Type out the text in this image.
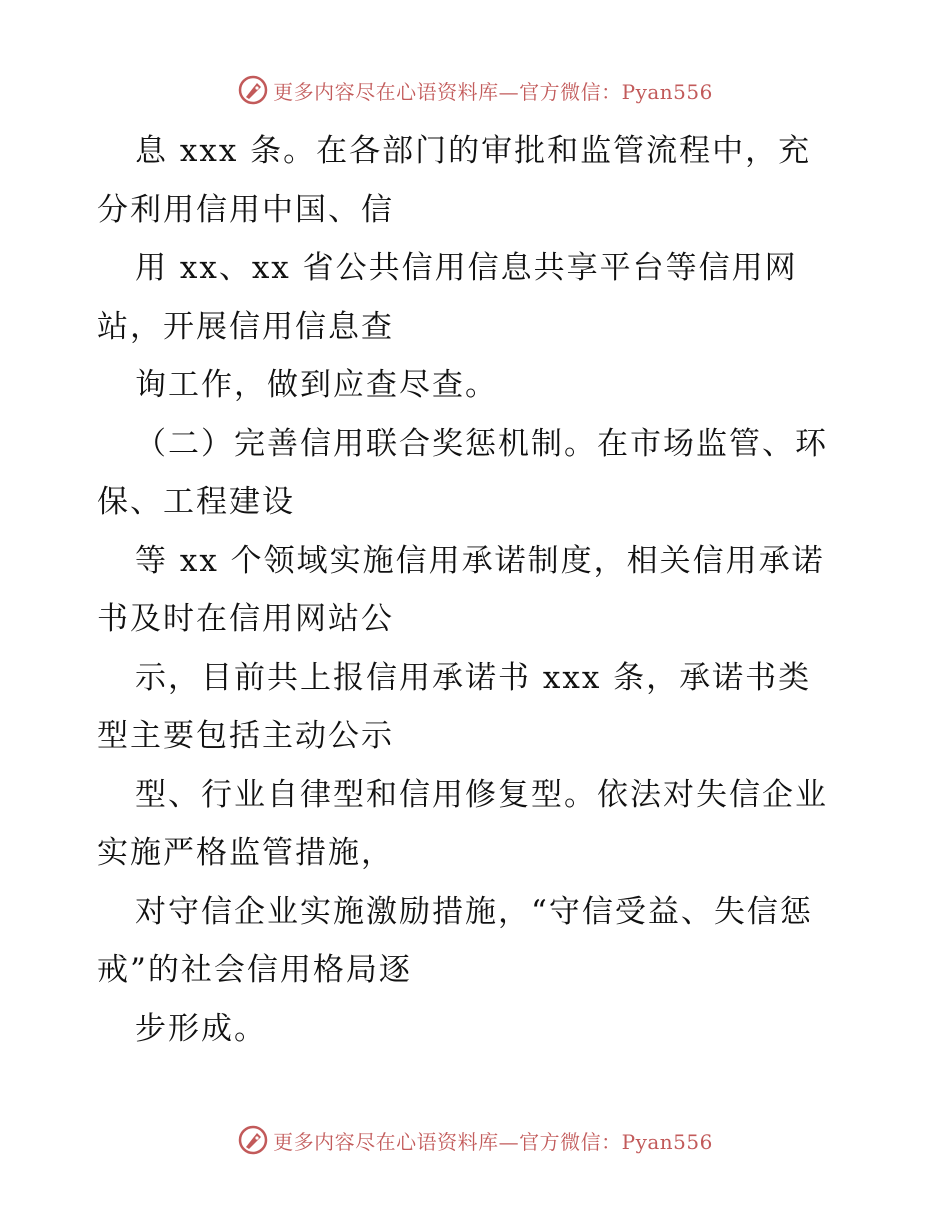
更多内容尽在心语资料库—官方微信：Pyan556
息 xxx 条。在各部门的审批和监管流程中，充
分利用信用中国、信
用 xx、xx 省公共信用信息共享平台等信用网
站，开展信用信息查
询工作，做到应查尽查。
（二）完善信用联合奖惩机制。在市场监管、环
保、工程建设
等 xx 个领域实施信用承诺制度，相关信用承诺
书及时在信用网站公
示，目前共上报信用承诺书 xxx 条，承诺书类
型主要包括主动公示
型、行业自律型和信用修复型。依法对失信企业
实施严格监管措施，
对守信企业实施激励措施，“守信受益、失信惩
戒”的社会信用格局逐
步形成。
更多内容尽在心语资料库—官方微信：Pyan556
